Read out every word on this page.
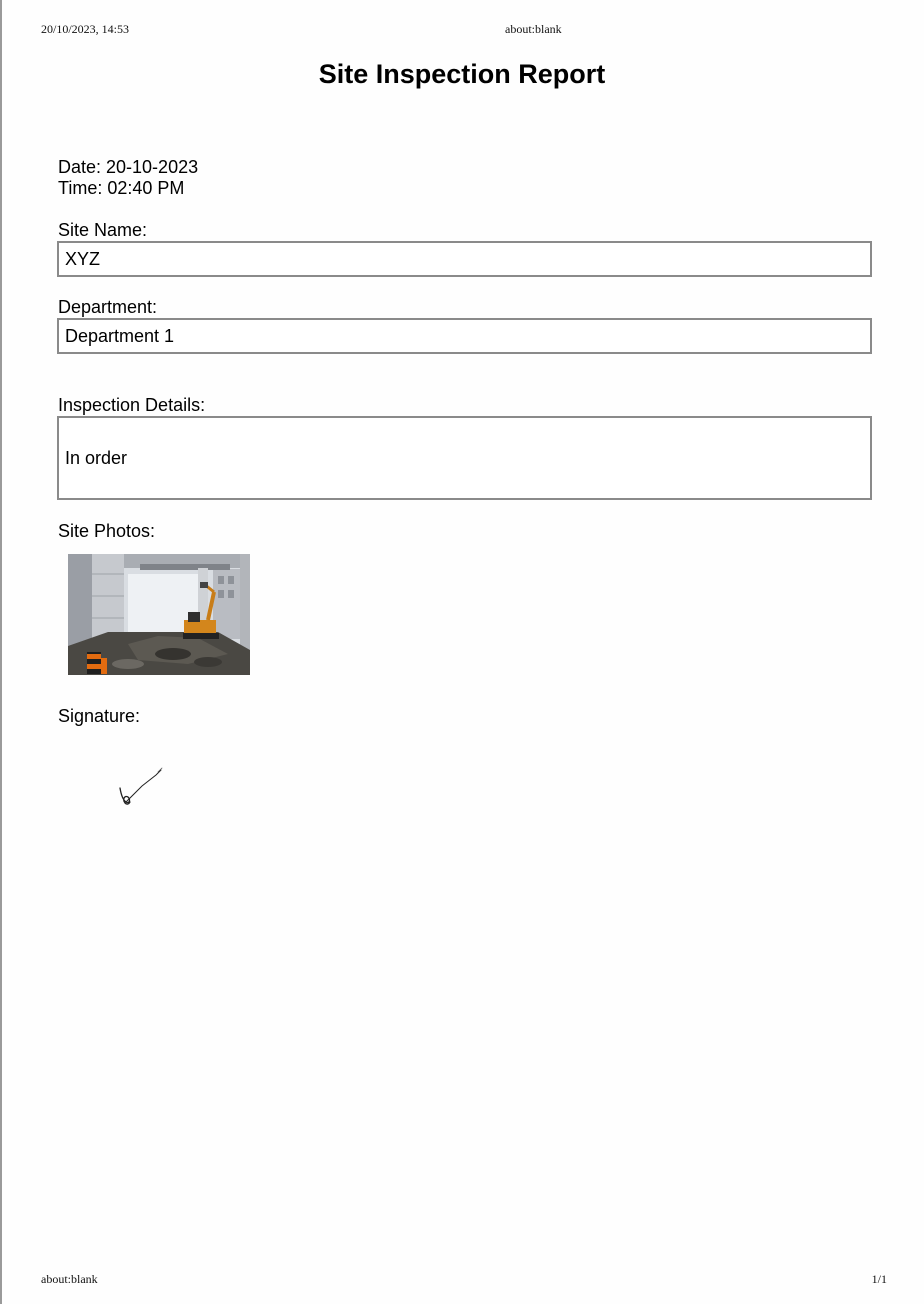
20/10/2023, 14:53	about:blank
Site Inspection Report
Date: 20-10-2023
Time: 02:40 PM
Site Name:
XYZ
Department:
Department 1
Inspection Details:
In order
Site Photos:
Signature:
about:blank	1/1
